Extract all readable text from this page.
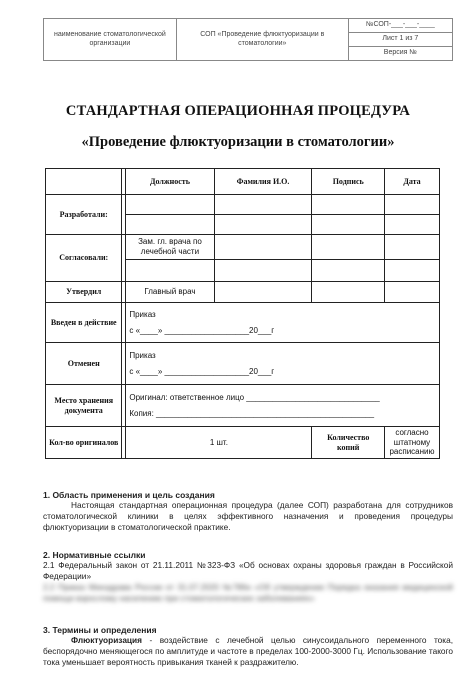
наименование стоматологической организации	СОП «Проведение флюктуоризации в стоматологии»	№СОП-___-___-____
Лист 1 из 7
Версия №
СТАНДАРТНАЯ ОПЕРАЦИОННАЯ ПРОЦЕДУРА
«Проведение флюктуоризации в стоматологии»
		Должность	Фамилия И.О.	Подпись	Дата
Разработали:					

Согласовали:		Зам. гл. врача по лечебной части			

Утвердил		Главный врач			
Введен в действие		Приказ
с «____» ___________________20___г			

Отменен		Приказ
с «____» ___________________20___г			

Место хранения документа		Оригинал: ответственное лицо ______________________________
Копия: _________________________________________________			

Кол-во оригиналов		1 шт.		Количество копий	согласно штатному расписанию
1. Область применения и цель создания
Настоящая стандартная операционная процедура (далее СОП) разработана для сотрудников стоматологической клиники в целях эффективного назначения и проведения процедуры флюктуоризации в стоматологической практике.
2. Нормативные ссылки
2.1 Федеральный закон от 21.11.2011 №323-ФЗ «Об основах охраны здоровья граждан в Российской Федерации»
2.2 Приказ Минздрава России от 31.07.2020 №786н «Об утверждении Порядка оказания медицинской помощи взрослому населению при стоматологических заболеваниях»
3. Термины и определения
Флюктуоризация - воздействие с лечебной целью синусоидального переменного тока, беспорядочно меняющегося по амплитуде и частоте в пределах 100-2000-3000 Гц. Использование такого тока уменьшает вероятность привыкания тканей к раздражителю.
